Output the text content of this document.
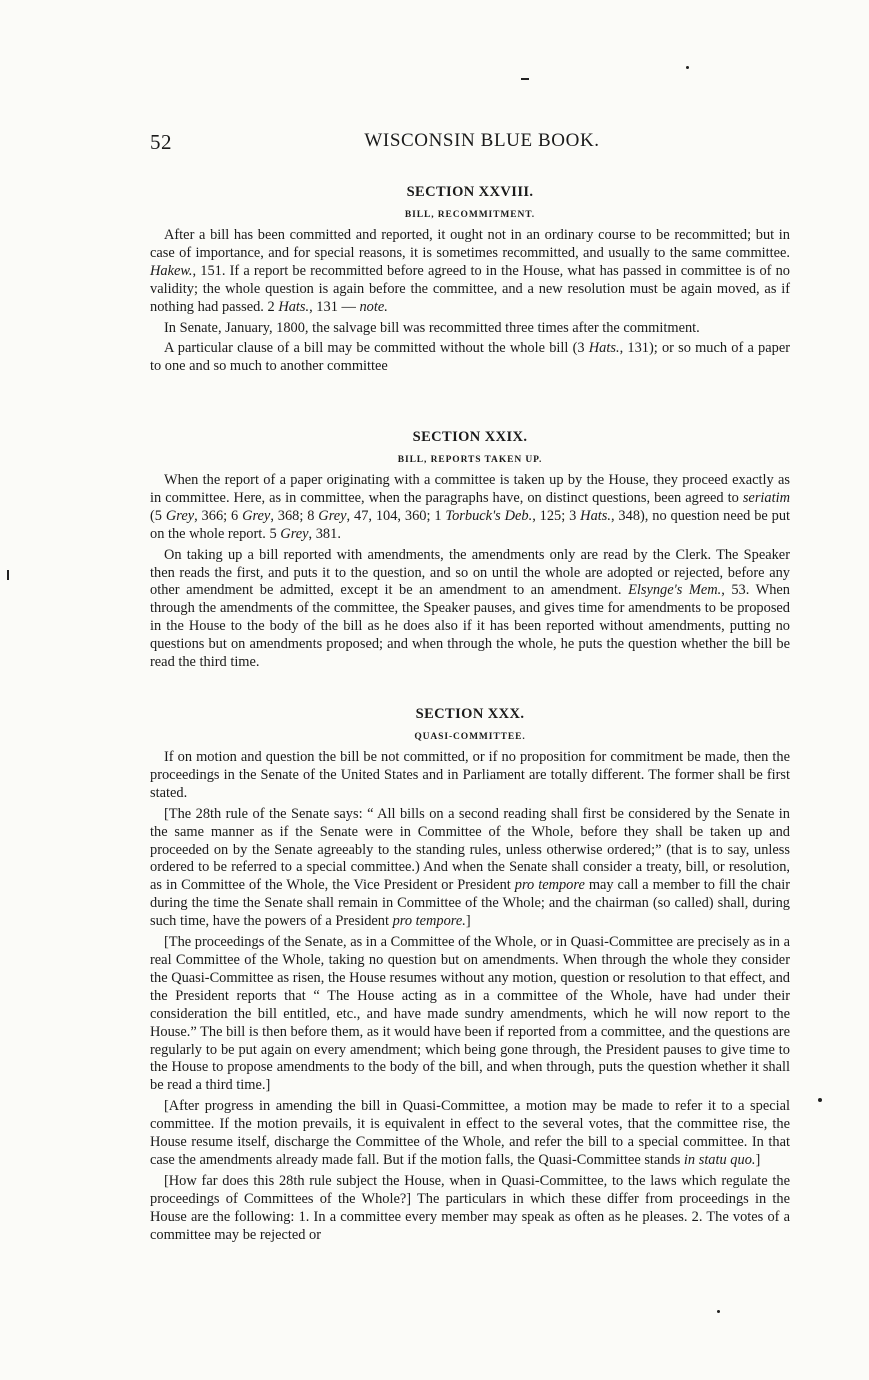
52	WISCONSIN BLUE BOOK.
SECTION XXVIII.
BILL, RECOMMITMENT.

After a bill has been committed and reported, it ought not in an ordinary course to be recommitted; but in case of importance, and for special reasons, it is sometimes recommitted, and usually to the same committee. Hakew., 151. If a report be recommitted before agreed to in the House, what has passed in committee is of no validity; the whole question is again before the committee, and a new resolution must be again moved, as if nothing had passed. 2 Hats., 131 — note.

In Senate, January, 1800, the salvage bill was recommitted three times after the commitment.

A particular clause of a bill may be committed without the whole bill (3 Hats., 131); or so much of a paper to one and so much to another committee

SECTION XXIX.
BILL, REPORTS TAKEN UP.

When the report of a paper originating with a committee is taken up by the House, they proceed exactly as in committee. Here, as in committee, when the paragraphs have, on distinct questions, been agreed to seriatim (5 Grey, 366; 6 Grey, 368; 8 Grey, 47, 104, 360; 1 Torbuck's Deb., 125; 3 Hats., 348), no question need be put on the whole report. 5 Grey, 381.

On taking up a bill reported with amendments, the amendments only are read by the Clerk. The Speaker then reads the first, and puts it to the question, and so on until the whole are adopted or rejected, before any other amendment be admitted, except it be an amendment to an amendment. Elsynge's Mem., 53. When through the amendments of the committee, the Speaker pauses, and gives time for amendments to be proposed in the House to the body of the bill as he does also if it has been reported without amendments, putting no questions but on amendments proposed; and when through the whole, he puts the question whether the bill be read the third time.

SECTION XXX.
QUASI-COMMITTEE.

If on motion and question the bill be not committed, or if no proposition for commitment be made, then the proceedings in the Senate of the United States and in Parliament are totally different. The former shall be first stated.

[The 28th rule of the Senate says: “ All bills on a second reading shall first be considered by the Senate in the same manner as if the Senate were in Committee of the Whole, before they shall be taken up and proceeded on by the Senate agreeably to the standing rules, unless otherwise ordered;” (that is to say, unless ordered to be referred to a special committee.) And when the Senate shall consider a treaty, bill, or resolution, as in Committee of the Whole, the Vice President or President pro tempore may call a member to fill the chair during the time the Senate shall remain in Committee of the Whole; and the chairman (so called) shall, during such time, have the powers of a President pro tempore.]

[The proceedings of the Senate, as in a Committee of the Whole, or in Quasi-Committee are precisely as in a real Committee of the Whole, taking no question but on amendments. When through the whole they consider the Quasi-Committee as risen, the House resumes without any motion, question or resolution to that effect, and the President reports that “ The House acting as in a committee of the Whole, have had under their consideration the bill entitled, etc., and have made sundry amendments, which he will now report to the House.” The bill is then before them, as it would have been if reported from a committee, and the questions are regularly to be put again on every amendment; which being gone through, the President pauses to give time to the House to propose amendments to the body of the bill, and when through, puts the question whether it shall be read a third time.]

[After progress in amending the bill in Quasi-Committee, a motion may be made to refer it to a special committee. If the motion prevails, it is equivalent in effect to the several votes, that the committee rise, the House resume itself, discharge the Committee of the Whole, and refer the bill to a special committee. In that case the amendments already made fall. But if the motion falls, the Quasi-Committee stands in statu quo.]

[How far does this 28th rule subject the House, when in Quasi-Committee, to the laws which regulate the proceedings of Committees of the Whole?] The particulars in which these differ from proceedings in the House are the following: 1. In a committee every member may speak as often as he pleases. 2. The votes of a committee may be rejected or
